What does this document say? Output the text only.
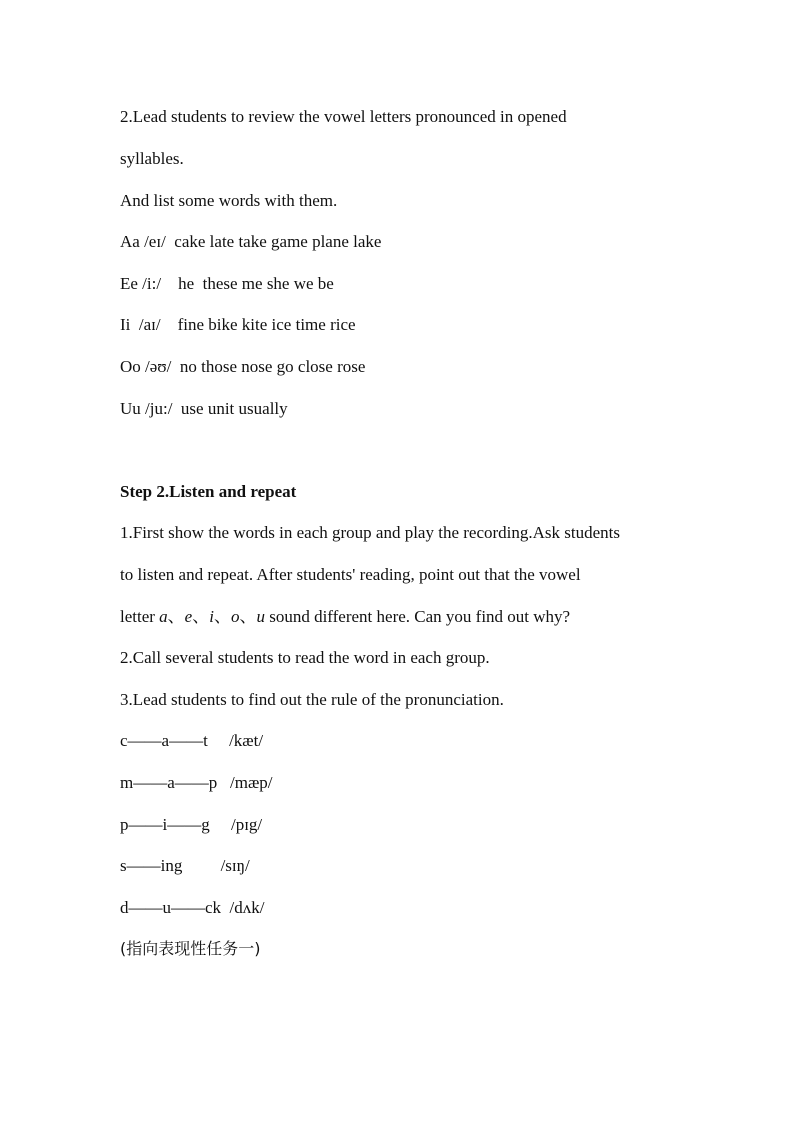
2.Lead students to review the vowel letters pronounced in opened
syllables.
And list some words with them.
Aa /eɪ/  cake late take game plane lake
Ee /i:/    he  these me she we be
Ii  /aɪ/    fine bike kite ice time rice
Oo /əʊ/  no those nose go close rose
Uu /ju:/  use unit usually
Step 2.Listen and repeat
1.First show the words in each group and play the recording.Ask students
to listen and repeat. After students' reading, point out that the vowel
letter a、e、i、o、u sound different here. Can you find out why?
2.Call several students to read the word in each group.
3.Lead students to find out the rule of the pronunciation.
c——a——t     /kæt/
m——a——p   /mæp/
p——i——g     /pɪg/
s——ing         /sɪŋ/
d——u——ck  /dʌk/
(指向表现性任务一)
